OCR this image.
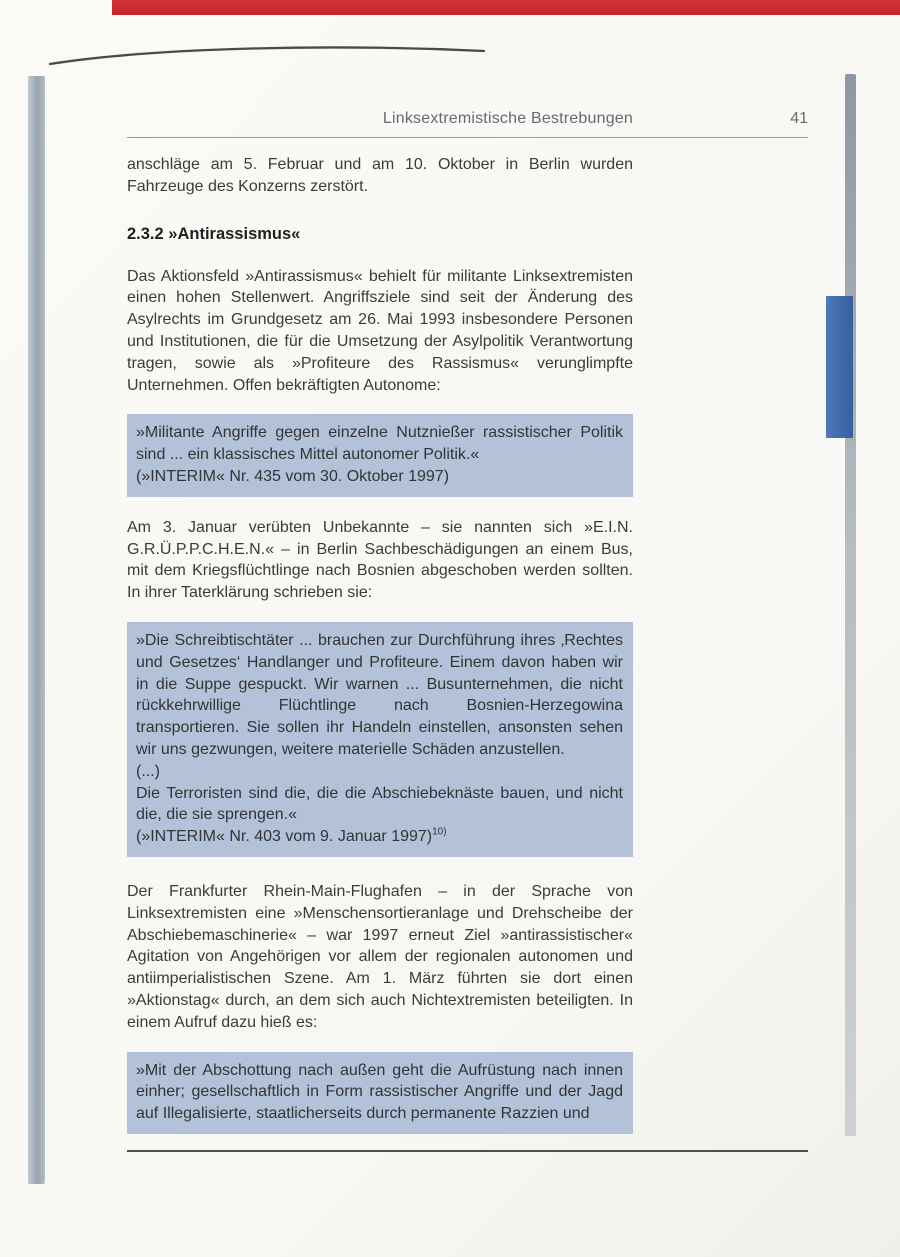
Linksextremistische Bestrebungen	41

anschläge am 5. Februar und am 10. Oktober in Berlin wurden Fahrzeuge des Konzerns zerstört.

2.3.2 »Antirassismus«

Das Aktionsfeld »Antirassismus« behielt für militante Linksextremisten einen hohen Stellenwert. Angriffsziele sind seit der Änderung des Asylrechts im Grundgesetz am 26. Mai 1993 insbesondere Personen und Institutionen, die für die Umsetzung der Asylpolitik Verantwortung tragen, sowie als »Profiteure des Rassismus« verunglimpfte Unternehmen. Offen bekräftigten Autonome:

»Militante Angriffe gegen einzelne Nutznießer rassistischer Politik sind ... ein klassisches Mittel autonomer Politik.«

(»INTERIM« Nr. 435 vom 30. Oktober 1997)

Am 3. Januar verübten Unbekannte – sie nannten sich »E.I.N. G.R.Ü.P.P.C.H.E.N.« – in Berlin Sachbeschädigungen an einem Bus, mit dem Kriegsflüchtlinge nach Bosnien abgeschoben werden sollten. In ihrer Taterklärung schrieben sie:

»Die Schreibtischtäter ... brauchen zur Durchführung ihres ‚Rechtes und Gesetzes‘ Handlanger und Profiteure. Einem davon haben wir in die Suppe gespuckt. Wir warnen ... Busunternehmen, die nicht rückkehrwillige Flüchtlinge nach Bosnien-Herzegowina transportieren. Sie sollen ihr Handeln einstellen, ansonsten sehen wir uns gezwungen, weitere materielle Schäden anzustellen.

(...)

Die Terroristen sind die, die die Abschiebeknäste bauen, und nicht die, die sie sprengen.«

(»INTERIM« Nr. 403 vom 9. Januar 1997)$^{10)}$

Der Frankfurter Rhein-Main-Flughafen – in der Sprache von Linksextremisten eine »Menschensortieranlage und Drehscheibe der Abschiebemaschinerie« – war 1997 erneut Ziel »antirassistischer« Agitation von Angehörigen vor allem der regionalen autonomen und antiimperialistischen Szene. Am 1. März führten sie dort einen »Aktionstag« durch, an dem sich auch Nichtextremisten beteiligten. In einem Aufruf dazu hieß es:

»Mit der Abschottung nach außen geht die Aufrüstung nach innen einher; gesellschaftlich in Form rassistischer Angriffe und der Jagd auf Illegalisierte, staatlicherseits durch permanente Razzien und
